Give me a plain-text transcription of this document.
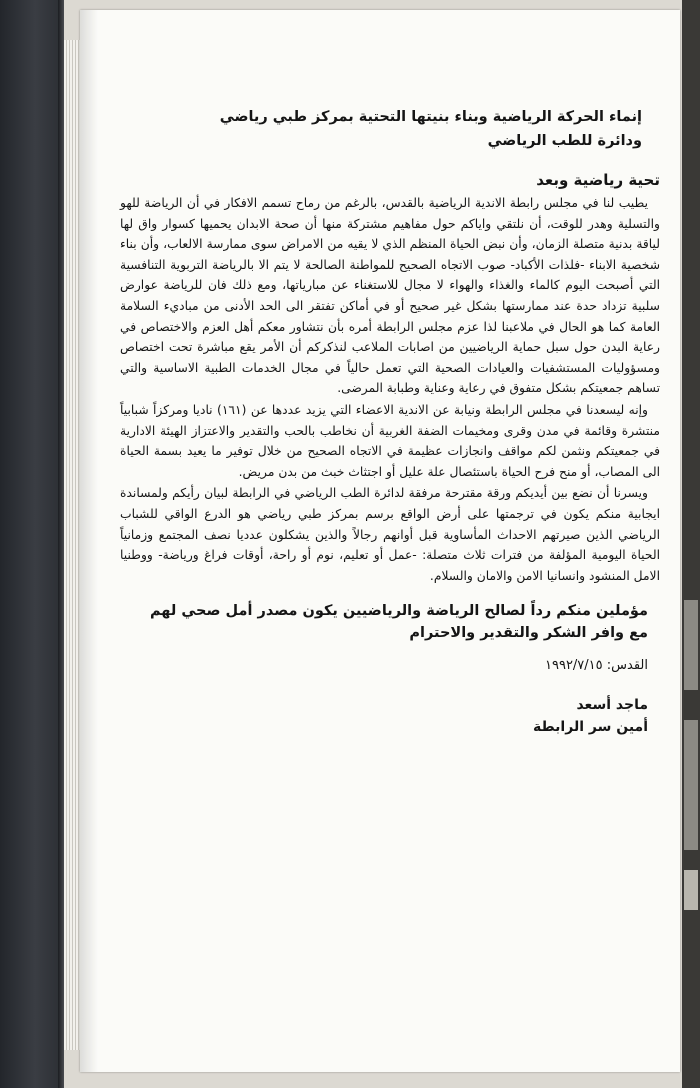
إنماء الحركة الرياضية وبناء بنيتها التحتية بمركز طبي رياضي
ودائرة للطب الرياضي
تحية رياضية وبعد

يطيب لنا في مجلس رابطة الاندية الرياضية بالقدس، بالرغم من رماح تسمم الافكار في أن الرياضة للهو والتسلية وهدر للوقت، أن نلتقي واياكم حول مفاهيم مشتركة منها أن صحة الابدان يحميها كسوار واق لها لياقة بدنية متصلة الزمان، وأن نبض الحياة المنظم الذي لا يقيه من الامراض سوى ممارسة الالعاب، وأن بناء شخصية الابناء -فلذات الأكباد- صوب الاتجاه الصحيح للمواطنة الصالحة لا يتم الا بالرياضة التربوية التنافسية التي أصبحت اليوم كالماء والغذاء والهواء لا مجال للاستغناء عن مبارياتها، ومع ذلك فان للرياضة عوارض سلبية تزداد حدة عند ممارستها بشكل غير صحيح أو في أماكن تفتقر الى الحد الأدنى من مباديء السلامة العامة كما هو الحال في ملاعبنا لذا عزم مجلس الرابطة أمره بأن نتشاور معكم أهل العزم والاختصاص في رعاية البدن حول سبل حماية الرياضيين من اصابات الملاعب لنذكركم أن الأمر يقع مباشرة تحت اختصاص ومسؤوليات المستشفيات والعيادات الصحية التي تعمل حالياً في مجال الخدمات الطبية الاساسية والتي تساهم جمعيتكم بشكل متفوق في رعاية وعناية وطبابة المرضى.

وإنه ليسعدنا في مجلس الرابطة ونيابة عن الاندية الاعضاء التي يزيد عددها عن (١٦١) ناديا ومركزاً شبابياً منتشرة وقائمة في مدن وقرى ومخيمات الضفة الغربية أن نخاطب بالحب والتقدير والاعتزاز الهيئة الادارية في جمعيتكم ونثمن لكم مواقف وانجازات عظيمة في الاتجاه الصحيح من خلال توفير ما يعيد بسمة الحياة الى المصاب، أو منح فرح الحياة باستئصال علة عليل أو اجتثاث خبث من بدن مريض.

ويسرنا أن نضع بين أيديكم ورقة مقترحة مرفقة لدائرة الطب الرياضي في الرابطة لبيان رأيكم ولمساندة ايجابية منكم يكون في ترجمتها على أرض الواقع برسم بمركز طبي رياضي هو الدرع الواقي للشباب الرياضي الذين صيرتهم الاحداث المأساوية قبل أوانهم رجالاً والذين يشكلون عدديا نصف المجتمع وزمانياً الحياة اليومية المؤلفة من فترات ثلاث متصلة: -عمل أو تعليم، نوم أو راحة، أوقات فراغ ورياضة- ووطنيا الامل المنشود وانسانيا الامن والامان والسلام.

مؤملين منكم رداً لصالح الرياضة والرياضيين يكون مصدر أمل صحي لهم
مع وافر الشكر والتقدير والاحترام
القدس: ١٩٩٢/٧/١٥
ماجد أسعد
أمين سر الرابطة
